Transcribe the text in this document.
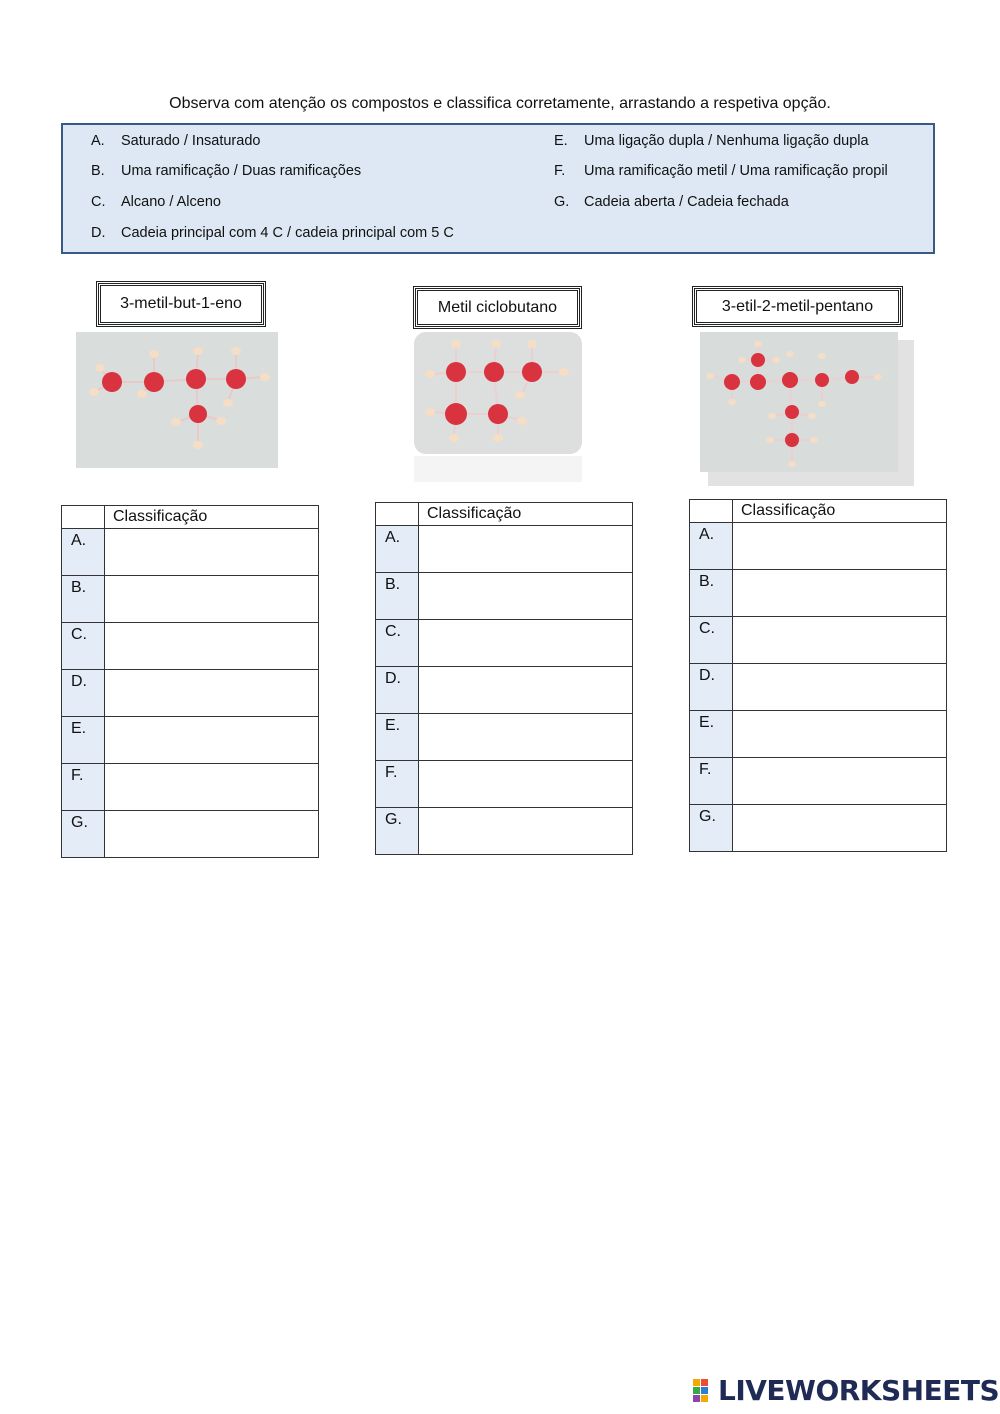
Observa com atenção os compostos e classifica corretamente, arrastando a respetiva opção.
A.	Saturado / Insaturado
B.	Uma ramificação / Duas ramificações
C.	Alcano / Alceno
D.	Cadeia principal com 4 C / cadeia principal com 5 C
E.	Uma ligação dupla / Nenhuma ligação dupla
F.	Uma ramificação metil / Uma ramificação propil
G.	Cadeia aberta / Cadeia fechada
3-metil-but-1-eno	Metil ciclobutano	3-etil-2-metil-pentano
	Classificação
A.	
B.	
C.	
D.	
E.	
F.	
G.	
	Classificação
A.	
B.	
C.	
D.	
E.	
F.	
G.	
	Classificação
A.	
B.	
C.	
D.	
E.	
F.	
G.	
LIVEWORKSHEETS
